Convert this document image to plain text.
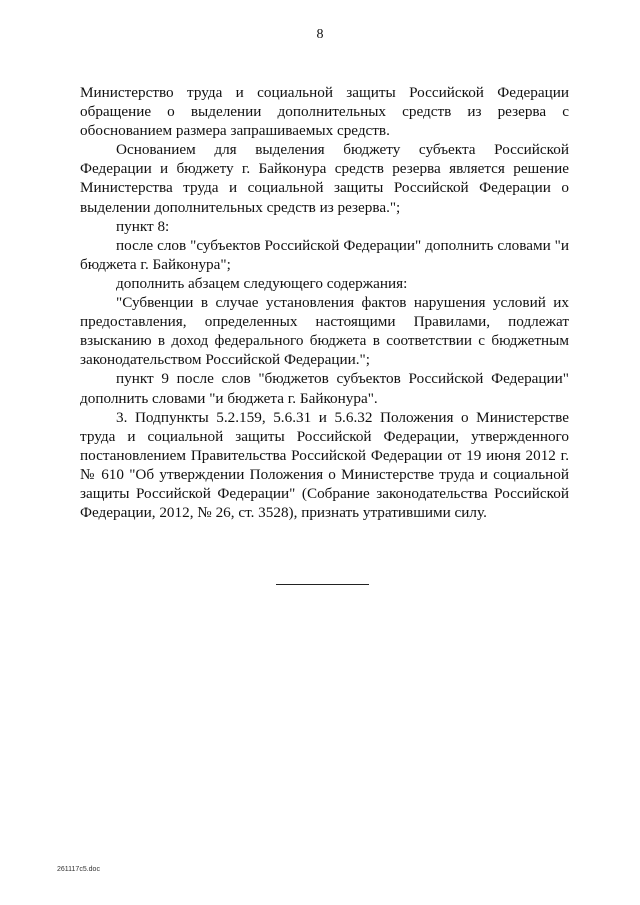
8

Министерство труда и социальной защиты Российской Федерации обращение о выделении дополнительных средств из резерва с обоснованием размера запрашиваемых средств.

Основанием для выделения бюджету субъекта Российской Федерации и бюджету г. Байконура средств резерва является решение Министерства труда и социальной защиты Российской Федерации о выделении дополнительных средств из резерва.";

пункт 8:

после слов "субъектов Российской Федерации" дополнить словами "и бюджета г. Байконура";

дополнить абзацем следующего содержания:

"Субвенции в случае установления фактов нарушения условий их предоставления, определенных настоящими Правилами, подлежат взысканию в доход федерального бюджета в соответствии с бюджетным законодательством Российской Федерации.";

пункт 9 после слов "бюджетов субъектов Российской Федерации" дополнить словами "и бюджета г. Байконура".

3. Подпункты 5.2.159, 5.6.31 и 5.6.32 Положения о Министерстве труда и социальной защиты Российской Федерации, утвержденного постановлением Правительства Российской Федерации от 19 июня 2012 г. № 610 "Об утверждении Положения о Министерстве труда и социальной защиты Российской Федерации" (Собрание законодательства Российской Федерации, 2012, № 26, ст. 3528), признать утратившими силу.

261117с5.doc
